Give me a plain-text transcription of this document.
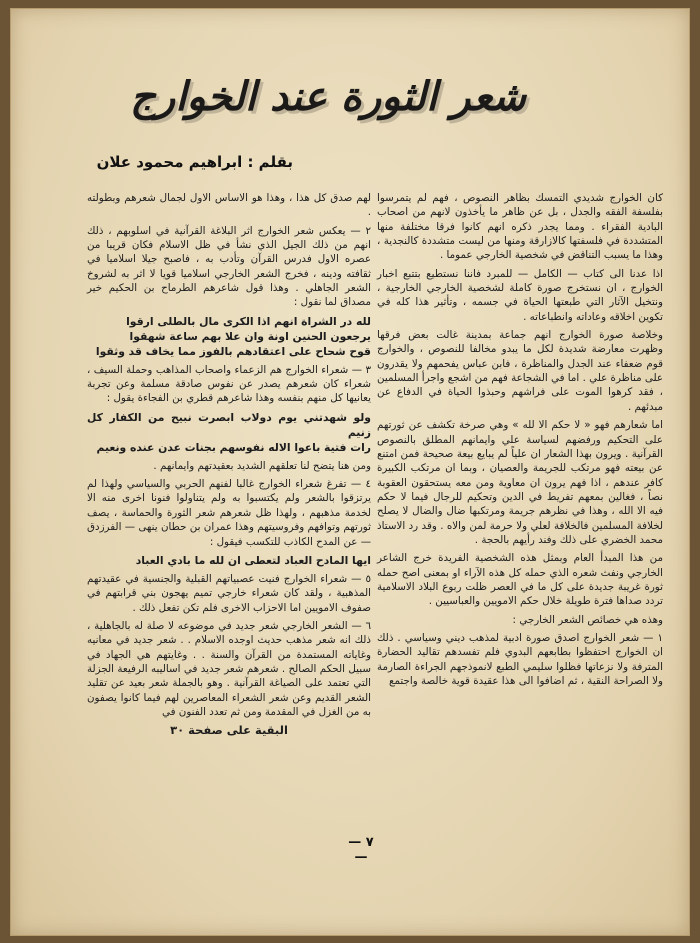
شعر الثورة عند الخوارج
بقلم : ابراهيم محمود علان

كان الخوارج شديدي التمسك بظاهر النصوص ، فهم لم يتمرسوا بفلسفة الفقه والجدل ، بل عن ظاهر ما يأخذون لانهم من اصحاب البادية الفقراء . ومما يجدر ذكره انهم كانوا فرقا مختلفة منها المتشددة في فلسفتها كالازارقة ومنها من ليست متشددة كالنجدية ، وهذا ما يسبب التناقض في شخصية الخارجي عموما .

اذا عدنا الى كتاب — الكامل — للمبرد فاننا نستطيع بتتبع اخبار الخوارج ، ان نستخرج صورة كاملة لشخصية الخارجي الخارجية ، ونتخيل الآثار التي طبعتها الحياة في جسمه ، وتأثير هذا كله في تكوين اخلاقه وعاداته وانطباعاته .

وخلاصة صورة الخوارج انهم جماعة بمدينة غالت بعض فرقها وظهرت معارضة شديدة لكل ما يبدو مخالفا للنصوص ، والخوارج قوم ضعفاء عند الجدل والمناظرة ، فابن عباس يفحمهم ولا يقدرون على مناظرة علي . اما في الشجاعة فهم من اشجع واجرأ المسلمين ، فقد كرهوا الموت على فراشهم وحبذوا الحياة في الدفاع عن مبدئهم .

اما شعارهم فهو « لا حكم الا لله » وهي صرخة تكشف عن ثورتهم على التحكيم ورفضهم لسياسة علي وايمانهم المطلق بالنصوص القرآنية . ويرون بهذا الشعار ان علياً لم يبايع بيعة صحيحة فمن امتنع عن بيعته فهو مرتكب للجريمة والعصيان ، وبما ان مرتكب الكبيرة كافر عندهم ، اذا فهم يرون ان معاوية ومن معه يستحقون العقوبة نصاً ، فغالين بمعهم تفريط في الدين وتحكيم للرجال فيما لا حكم فيه الا الله ، وهذا في نظرهم جريمة ومرتكبها ضال والضال لا يصلح لخلافة المسلمين فالخلافة لعلي ولا حرمة لمن والاه . وقد رد الاستاذ محمد الخضري على ذلك وفند رأيهم بالحجة .

من هذا المبدأ العام وبمثل هذه الشخصية الفريدة خرج الشاعر الخارجي ونفث شعره الذي حمله كل هذه الآراء او بمعنى اصح حمله ثورة غريبة جديدة على كل ما في العصر ظلت ربوع البلاد الاسلامية تردد صداها فترة طويلة خلال حكم الامويين والعباسيين .

وهذه هي خصائص الشعر الخارجي :

١ — شعر الخوارج اصدق صورة ادبية لمذهب ديني وسياسي . ذلك ان الخوارج احتفظوا بطابعهم البدوي فلم تفسدهم تقاليد الحضارة المترفة ولا نزعاتها فظلوا سليمي الطبع لانموذجهم الجراءة الصارمة ولا الصراحة النقية ، ثم اضافوا الى هذا عقيدة قوية خالصة واجتمع

لهم صدق كل هذا ، وهذا هو الاساس الاول لجمال شعرهم وبطولته .

٢ — يعكس شعر الخوارج اثر البلاغة القرآنية في اسلوبهم ، ذلك انهم من ذلك الجيل الذي نشأ في ظل الاسلام فكان قريبا من عصره الاول فدرس القرآن وتأدب به ، فاصبح جيلا اسلاميا في ثقافته ودينه ، فخرج الشعر الخارجي اسلاميا قويا لا اثر به لشروخ الشعر الجاهلي . وهذا قول شاعرهم الطرماح بن الحكيم خير مصداق لما نقول :

لله در الشراة انهم اذا الكرى مال بالطلى ارقوا
يرجعون الحنين اونة وان علا بهم ساعة شهقوا
قوح شحاح على اعتقادهم بالفوز مما يخاف قد وثقوا

٣ — شعراء الخوارج هم الزعماء واصحاب المذاهب وحملة السيف ، شعراء كان شعرهم يصدر عن نفوس صادقة مسلمة وعن تجربة يعانيها كل منهم بنفسه وهذا شاعرهم قطري بن الفجاءة يقول :

ولو شهدتني يوم دولاب ابصرت نبيح من الكفار كل زنيم
رات فتية باعوا الاله نفوسهم بجنات عدن عنده ونعيم

ومن هنا يتضح لنا تعلقهم الشديد بعقيدتهم وايمانهم .

٤ — تفرغ شعراء الخوارج غالبا لفنهم الحربي والسياسي ولهذا لم يرتزقوا بالشعر ولم يكتسبوا به ولم يتناولوا فنونا اخرى منه الا لخدمة مذهبهم ، ولهذا ظل شعرهم شعر الثورة والحماسة ، يصف ثورتهم وتوافهم وفروسيتهم وهذا عمران بن حطان ينهى — الفرزدق — عن المدح الكاذب للتكسب فيقول :

ايها المادح العباد لتعطى ان لله ما بادي العباد

٥ — شعراء الخوارج فنيت عصبياتهم القبلية والجنسية في عقيدتهم المذهبية ، ولقد كان شعراء خارجي تميم يهجون بني قرابتهم في صفوف الامويين اما الاحزاب الاخرى فلم تكن تفعل ذلك .

٦ — الشعر الخارجي شعر جديد في موضوعه لا صلة له بالجاهلية ، ذلك انه شعر مذهب حديث اوجده الاسلام . . شعر جديد في معانيه وغاياته المستمدة من القرآن والسنة . . وغايتهم هي الجهاد في سبيل الحكم الصالح . شعرهم شعر جديد في اساليبه الرفيعة الجزلة التي تعتمد على الصياغة القرآنية . وهو بالجملة شعر بعيد عن تقليد الشعر القديم وعن شعر الشعراء المعاصرين لهم فيما كانوا يصفون به من الغزل في المقدمة ومن ثم تعدد الفنون في

البقية على صفحة ٣٠
— ٧ —
